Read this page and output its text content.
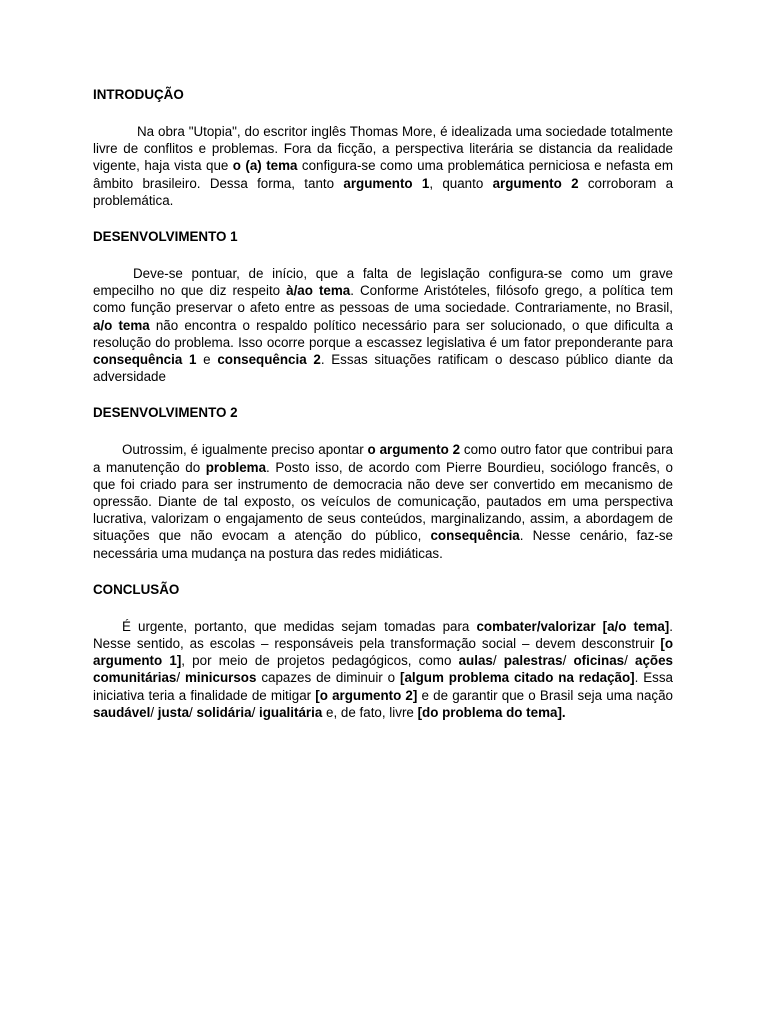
INTRODUÇÃO

Na obra "Utopia", do escritor inglês Thomas More, é idealizada uma sociedade totalmente livre de conflitos e problemas. Fora da ficção, a perspectiva literária se distancia da realidade vigente, haja vista que o (a) tema configura-se como uma problemática perniciosa e nefasta em âmbito brasileiro. Dessa forma, tanto argumento 1, quanto argumento 2 corroboram a problemática.

DESENVOLVIMENTO 1

Deve-se pontuar, de início, que a falta de legislação configura-se como um grave empecilho no que diz respeito à/ao tema. Conforme Aristóteles, filósofo grego, a política tem como função preservar o afeto entre as pessoas de uma sociedade. Contrariamente, no Brasil, a/o tema não encontra o respaldo político necessário para ser solucionado, o que dificulta a resolução do problema. Isso ocorre porque a escassez legislativa é um fator preponderante para consequência 1 e consequência 2. Essas situações ratificam o descaso público diante da adversidade

DESENVOLVIMENTO 2

Outrossim, é igualmente preciso apontar o argumento 2 como outro fator que contribui para a manutenção do problema. Posto isso, de acordo com Pierre Bourdieu, sociólogo francês, o que foi criado para ser instrumento de democracia não deve ser convertido em mecanismo de opressão. Diante de tal exposto, os veículos de comunicação, pautados em uma perspectiva lucrativa, valorizam o engajamento de seus conteúdos, marginalizando, assim, a abordagem de situações que não evocam a atenção do público, consequência. Nesse cenário, faz-se necessária uma mudança na postura das redes midiáticas.

CONCLUSÃO

É urgente, portanto, que medidas sejam tomadas para combater/valorizar [a/o tema]. Nesse sentido, as escolas – responsáveis pela transformação social – devem desconstruir [o argumento 1], por meio de projetos pedagógicos, como aulas/ palestras/ oficinas/ ações comunitárias/ minicursos capazes de diminuir o [algum problema citado na redação]. Essa iniciativa teria a finalidade de mitigar [o argumento 2] e de garantir que o Brasil seja uma nação saudável/ justa/ solidária/ igualitária e, de fato, livre [do problema do tema].
